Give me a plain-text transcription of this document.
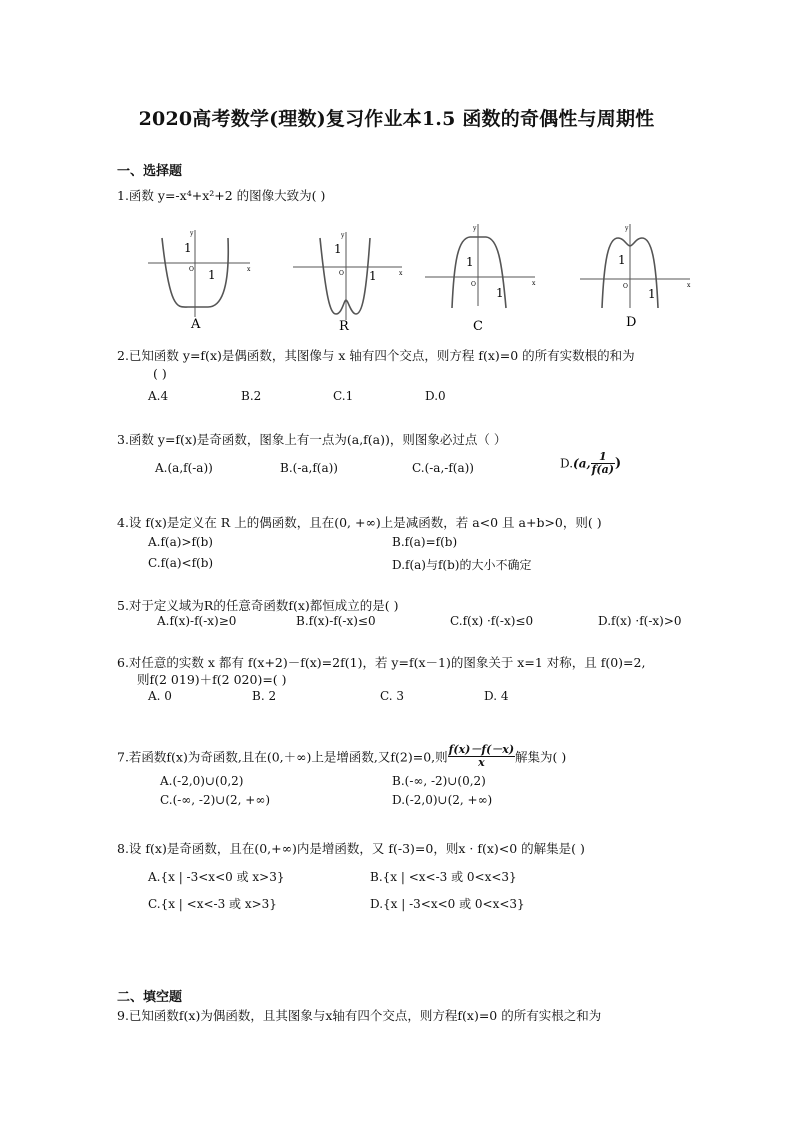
2020高考数学(理数)复习作业本1.5 函数的奇偶性与周期性
一、选择题
1.函数 y=-x⁴+x²+2 的图像大致为( )
y
x
O
1
1
A
y
x
O
1
1
R
y
x
O
1
1
C
y
x
O
1
1
D
2.已知函数 y=f(x)是偶函数，其图像与 x 轴有四个交点，则方程 f(x)=0 的所有实数根的和为
( )
A.4	B.2	C.1	D.0
3.函数 y=f(x)是奇函数，图象上有一点为(a,f(a))，则图象必过点（ ）
A.(a,f(-a))	B.(-a,f(a))	C.(-a,-f(a))	D.(a, $\frac{1}{f(a)}$ )
4.设 f(x)是定义在 R 上的偶函数，且在(0, +∞)上是减函数，若 a<0 且 a+b>0，则( )
A.f(a)>f(b)	B.f(a)=f(b)
C.f(a)<f(b)	D.f(a)与f(b)的大小不确定
5.对于定义域为R的任意奇函数f(x)都恒成立的是( )
A.f(x)-f(-x)≥0	B.f(x)-f(-x)≤0	C.f(x) ·f(-x)≤0	D.f(x) ·f(-x)>0
6.对任意的实数 x 都有 f(x+2)－f(x)=2f(1)，若 y=f(x－1)的图象关于 x=1 对称，且 f(0)=2,
则f(2 019)＋f(2 020)=( )
A. 0	B. 2	C. 3	D. 4
7.若函数f(x)为奇函数,且在(0,＋∞)上是增函数,又f(2)=0,则 $\frac{f(x)-f(-x)}{x}$ 解集为( )
A.(-2,0)∪(0,2)	B.(-∞, -2)∪(0,2)
C.(-∞, -2)∪(2, +∞)	D.(-2,0)∪(2, +∞)
8.设 f(x)是奇函数，且在(0,+∞)内是增函数，又 f(-3)=0，则x · f(x)<0 的解集是( )
A.{x | -3<x<0 或 x>3}	B.{x | <x<-3 或 0<x<3}
C.{x | <x<-3 或 x>3}	D.{x | -3<x<0 或 0<x<3}
二、填空题
9.已知函数f(x)为偶函数，且其图象与x轴有四个交点，则方程f(x)=0 的所有实根之和为
